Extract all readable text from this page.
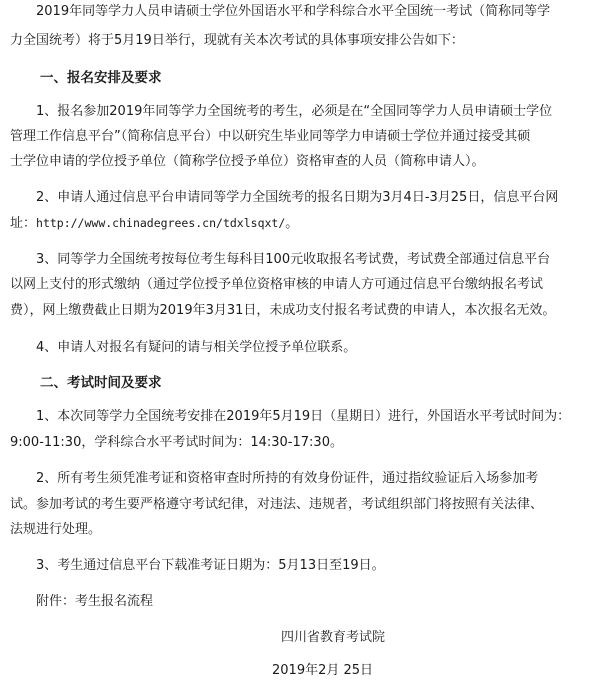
2019年同等学力人员申请硕士学位外国语水平和学科综合水平全国统一考试（简称同等学
力全国统考）将于5月19日举行，现就有关本次考试的具体事项安排公告如下：
一、报名安排及要求
1、报名参加2019年同等学力全国统考的考生，必须是在“全国同等学力人员申请硕士学位
管理工作信息平台”（简称信息平台）中以研究生毕业同等学力申请硕士学位并通过接受其硕
士学位申请的学位授予单位（简称学位授予单位）资格审查的人员（简称申请人）。
2、申请人通过信息平台申请同等学力全国统考的报名日期为3月4日-3月25日，信息平台网
址：http://www.chinadegrees.cn/tdxlsqxt/。
3、同等学力全国统考按每位考生每科目100元收取报名考试费，考试费全部通过信息平台
以网上支付的形式缴纳（通过学位授予单位资格审核的申请人方可通过信息平台缴纳报名考试
费），网上缴费截止日期为2019年3月31日，未成功支付报名考试费的申请人，本次报名无效。
4、申请人对报名有疑问的请与相关学位授予单位联系。
二、考试时间及要求
1、本次同等学力全国统考安排在2019年5月19日（星期日）进行，外国语水平考试时间为：
9:00-11:30，学科综合水平考试时间为：14:30-17:30。
2、所有考生须凭准考证和资格审查时所持的有效身份证件，通过指纹验证后入场参加考
试。参加考试的考生要严格遵守考试纪律，对违法、违规者，考试组织部门将按照有关法律、
法规进行处理。
3、考生通过信息平台下载准考证日期为：5月13日至19日。
附件：考生报名流程
四川省教育考试院
2019年2月 25日
